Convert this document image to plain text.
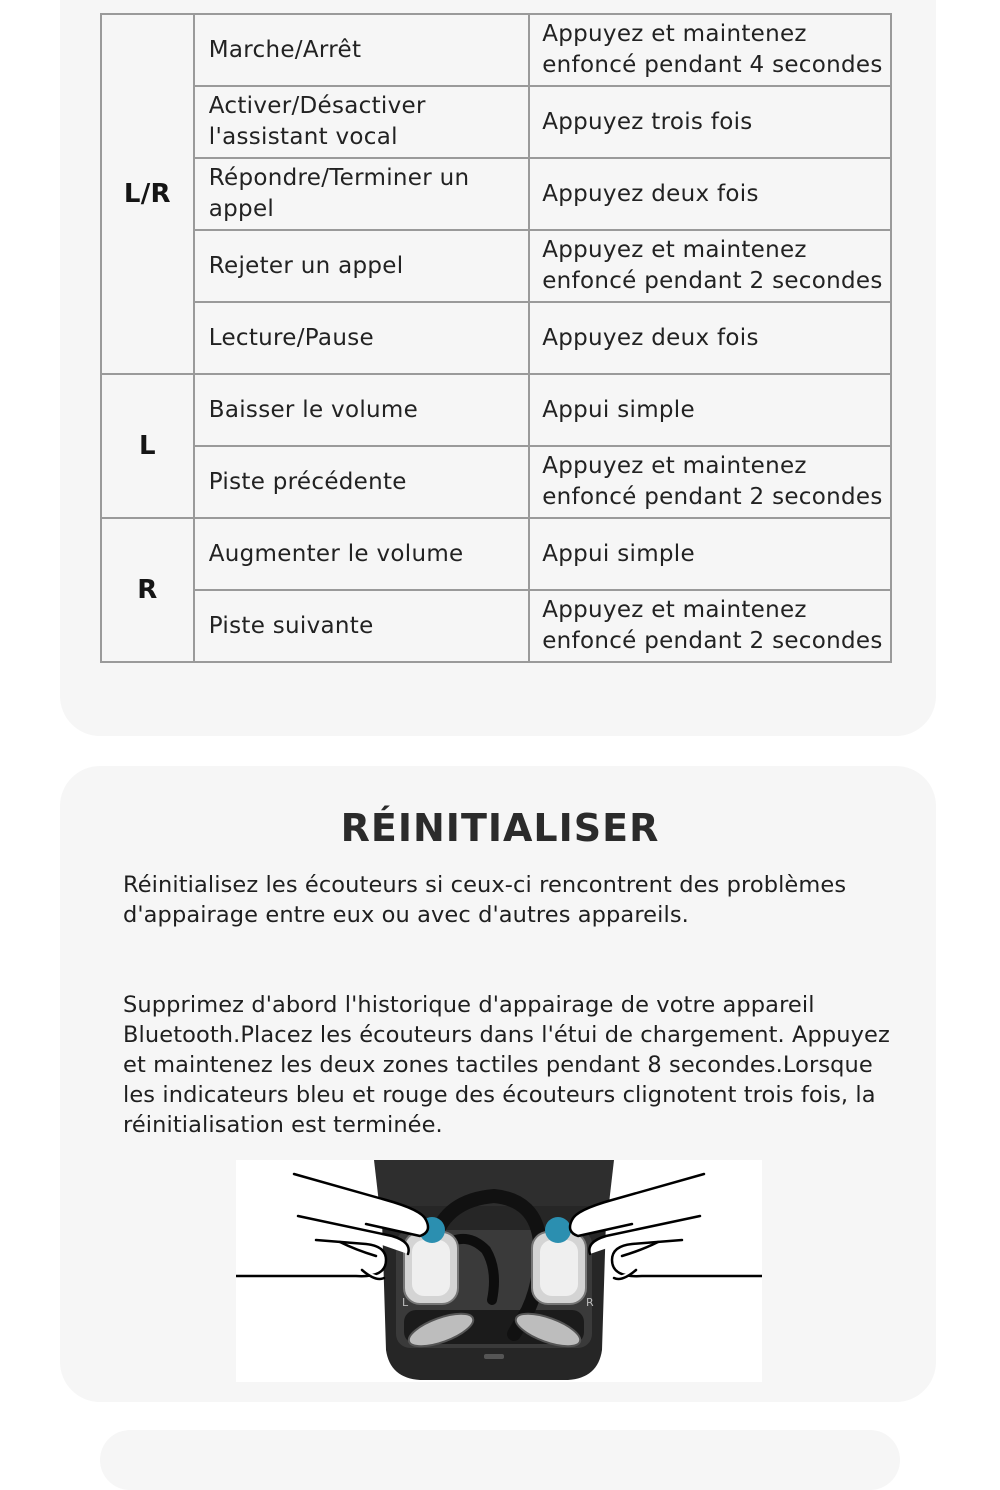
L/R	Marche/Arrêt	Appuyez et maintenez enfoncé pendant 4 secondes
	Activer/Désactiver l'assistant vocal	Appuyez trois fois
	Répondre/Terminer un appel	Appuyez deux fois
	Rejeter un appel	Appuyez et maintenez enfoncé pendant 2 secondes
	Lecture/Pause	Appuyez deux fois
L	Baisser le volume	Appui simple
	Piste précédente	Appuyez et maintenez enfoncé pendant 2 secondes
R	Augmenter le volume	Appui simple
	Piste suivante	Appuyez et maintenez enfoncé pendant 2 secondes
RÉINITIALISER

Réinitialisez les écouteurs si ceux-ci rencontrent des problèmes d'appairage entre eux ou avec d'autres appareils.

Supprimez d'abord l'historique d'appairage de votre appareil Bluetooth.Placez les écouteurs dans l'étui de chargement. Appuyez et maintenez les deux zones tactiles pendant 8 secondes.Lorsque les indicateurs bleu et rouge des écouteurs clignotent trois fois, la réinitialisation est terminée.

L	R
